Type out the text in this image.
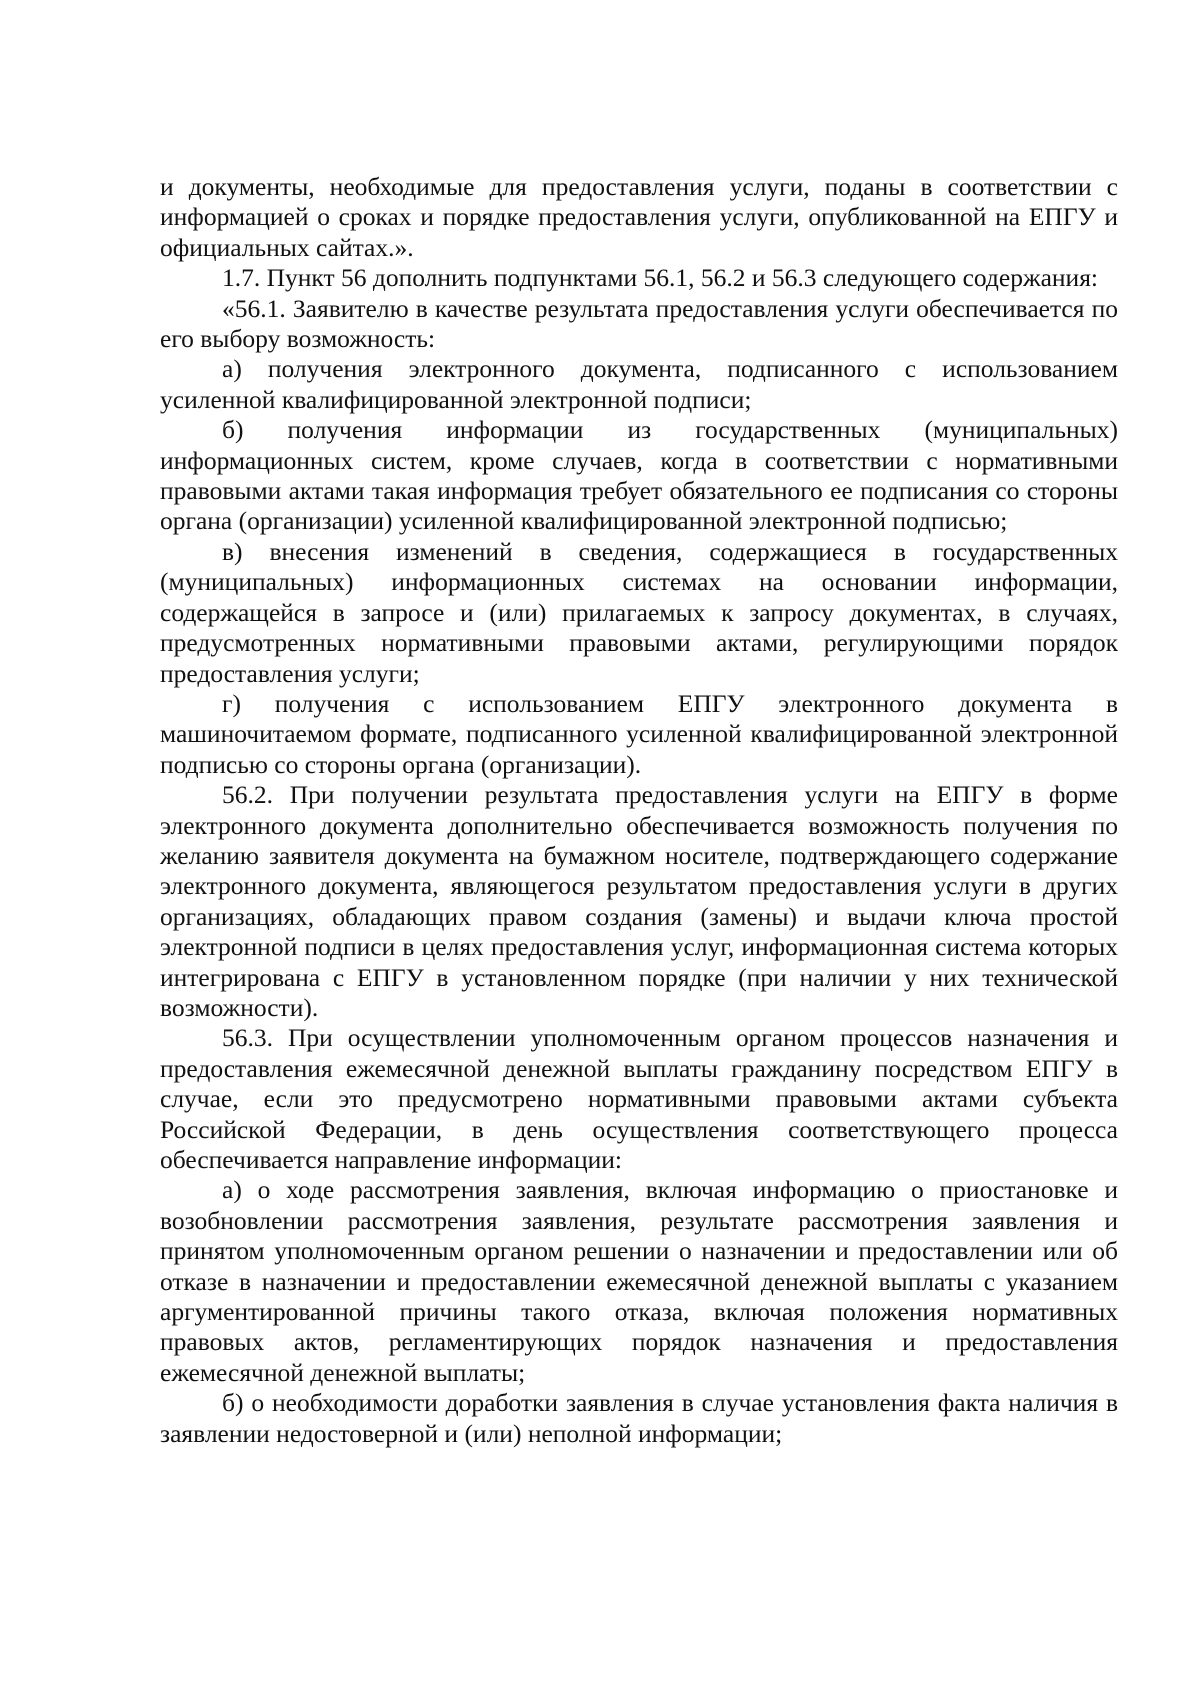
и документы, необходимые для предоставления услуги, поданы в соответствии с информацией о сроках и порядке предоставления услуги, опубликованной на ЕПГУ и официальных сайтах.».

1.7. Пункт 56 дополнить подпунктами 56.1, 56.2 и 56.3 следующего содержания:

«56.1. Заявителю в качестве результата предоставления услуги обеспечивается по его выбору возможность:

а) получения электронного документа, подписанного с использованием усиленной квалифицированной электронной подписи;

б) получения информации из государственных (муниципальных) информационных систем, кроме случаев, когда в соответствии с нормативными правовыми актами такая информация требует обязательного ее подписания со стороны органа (организации) усиленной квалифицированной электронной подписью;

в) внесения изменений в сведения, содержащиеся в государственных (муниципальных) информационных системах на основании информации, содержащейся в запросе и (или) прилагаемых к запросу документах, в случаях, предусмотренных нормативными правовыми актами, регулирующими порядок предоставления услуги;

г) получения с использованием ЕПГУ электронного документа в машиночитаемом формате, подписанного усиленной квалифицированной электронной подписью со стороны органа (организации).

56.2. При получении результата предоставления услуги на ЕПГУ в форме электронного документа дополнительно обеспечивается возможность получения по желанию заявителя документа на бумажном носителе, подтверждающего содержание электронного документа, являющегося результатом предоставления услуги в других организациях, обладающих правом создания (замены) и выдачи ключа простой электронной подписи в целях предоставления услуг, информационная система которых интегрирована с ЕПГУ в установленном порядке (при наличии у них технической возможности).

56.3. При осуществлении уполномоченным органом процессов назначения и предоставления ежемесячной денежной выплаты гражданину посредством ЕПГУ в случае, если это предусмотрено нормативными правовыми актами субъекта Российской Федерации, в день осуществления соответствующего процесса обеспечивается направление информации:

а) о ходе рассмотрения заявления, включая информацию о приостановке и возобновлении рассмотрения заявления, результате рассмотрения заявления и принятом уполномоченным органом решении о назначении и предоставлении или об отказе в назначении и предоставлении ежемесячной денежной выплаты с указанием аргументированной причины такого отказа, включая положения нормативных правовых актов, регламентирующих порядок назначения и предоставления ежемесячной денежной выплаты;

б) о необходимости доработки заявления в случае установления факта наличия в заявлении недостоверной и (или) неполной информации;
